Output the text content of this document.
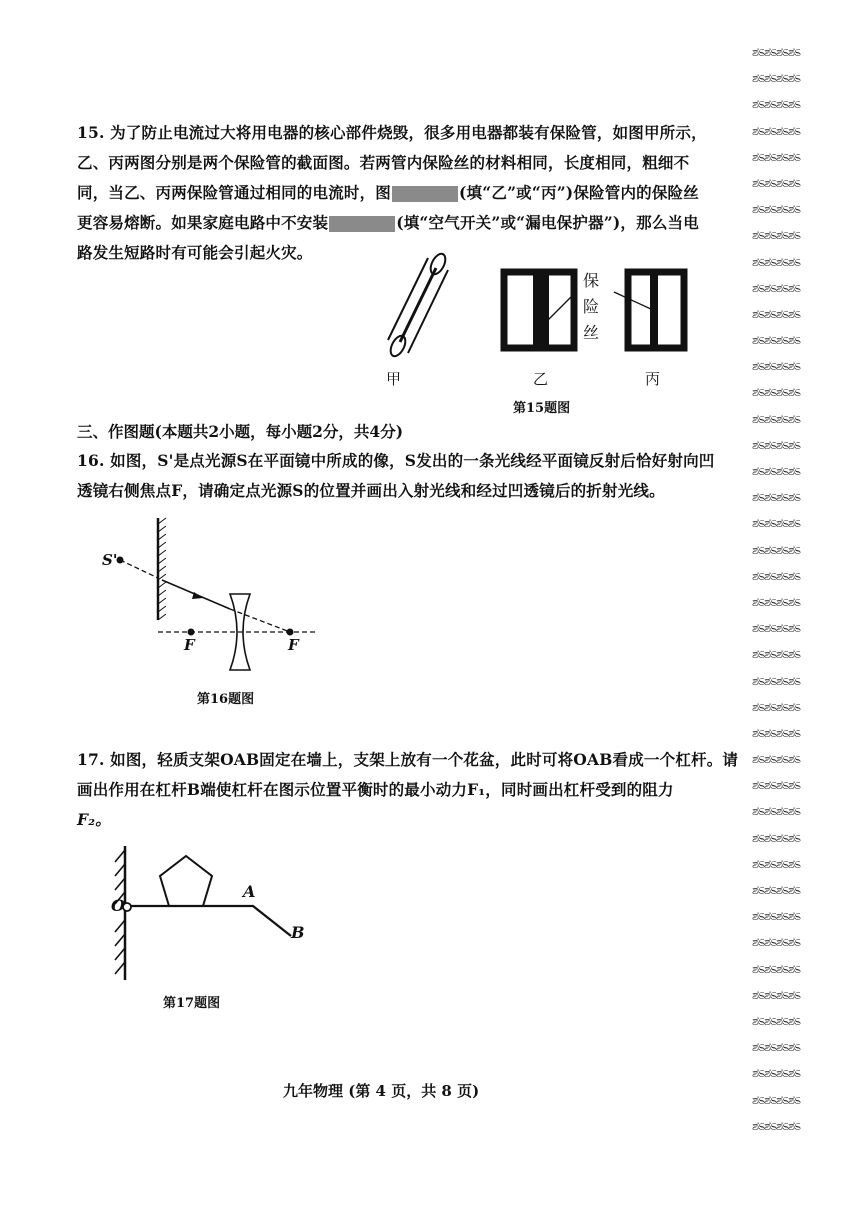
15. 为了防止电流过大将用电器的核心部件烧毁，很多用电器都装有保险管，如图甲所示，
乙、丙两图分别是两个保险管的截面图。若两管内保险丝的材料相同，长度相同，粗细不
同，当乙、丙两保险管通过相同的电流时，图	(填“乙”或“丙”)保险管内的保险丝
更容易熔断。如果家庭电路中不安装	(填“空气开关”或“漏电保护器”)，那么当电
路发生短路时有可能会引起火灾。
保
险
丝
甲	乙	丙
第15题图
三、作图题(本题共2小题，每小题2分，共4分)
16. 如图，S'是点光源S在平面镜中所成的像，S发出的一条光线经平面镜反射后恰好射向凹
透镜右侧焦点F，请确定点光源S的位置并画出入射光线和经过凹透镜后的折射光线。
S'
F	F
第16题图
17. 如图，轻质支架OAB固定在墙上，支架上放有一个花盆，此时可将OAB看成一个杠杆。请
画出作用在杠杆B端使杠杆在图示位置平衡时的最小动力F₁，同时画出杠杆受到的阻力
F₂。
O
A
B
第17题图
九年物理 (第 4 页，共 8 页)
ಶಽಶಽಶಽಶಽ
ಶಽಶಽಶಽಶಽ
ಶಽಶಽಶಽಶಽ
ಶಽಶಽಶಽಶಽ
ಶಽಶಽಶಽಶಽ
ಶಽಶಽಶಽಶಽ
ಶಽಶಽಶಽಶಽ
ಶಽಶಽಶಽಶಽ
ಶಽಶಽಶಽಶಽ
ಶಽಶಽಶಽಶಽ
ಶಽಶಽಶಽಶಽ
ಶಽಶಽಶಽಶಽ
ಶಽಶಽಶಽಶಽ
ಶಽಶಽಶಽಶಽ
ಶಽಶಽಶಽಶಽ
ಶಽಶಽಶಽಶಽ
ಶಽಶಽಶಽಶಽ
ಶಽಶಽಶಽಶಽ
ಶಽಶಽಶಽಶಽ
ಶಽಶಽಶಽಶಽ
ಶಽಶಽಶಽಶಽ
ಶಽಶಽಶಽಶಽ
ಶಽಶಽಶಽಶಽ
ಶಽಶಽಶಽಶಽ
ಶಽಶಽಶಽಶಽ
ಶಽಶಽಶಽಶಽ
ಶಽಶಽಶಽಶಽ
ಶಽಶಽಶಽಶಽ
ಶಽಶಽಶಽಶಽ
ಶಽಶಽಶಽಶಽ
ಶಽಶಽಶಽಶಽ
ಶಽಶಽಶಽಶಽ
ಶಽಶಽಶಽಶಽ
ಶಽಶಽಶಽಶಽ
ಶಽಶಽಶಽಶಽ
ಶಽಶಽಶಽಶಽ
ಶಽಶಽಶಽಶಽ
ಶಽಶಽಶಽಶಽ
ಶಽಶಽಶಽಶಽ
ಶಽಶಽಶಽಶಽ
ಶಽಶಽಶಽಶಽ
ಶಽಶಽಶಽಶಽ
